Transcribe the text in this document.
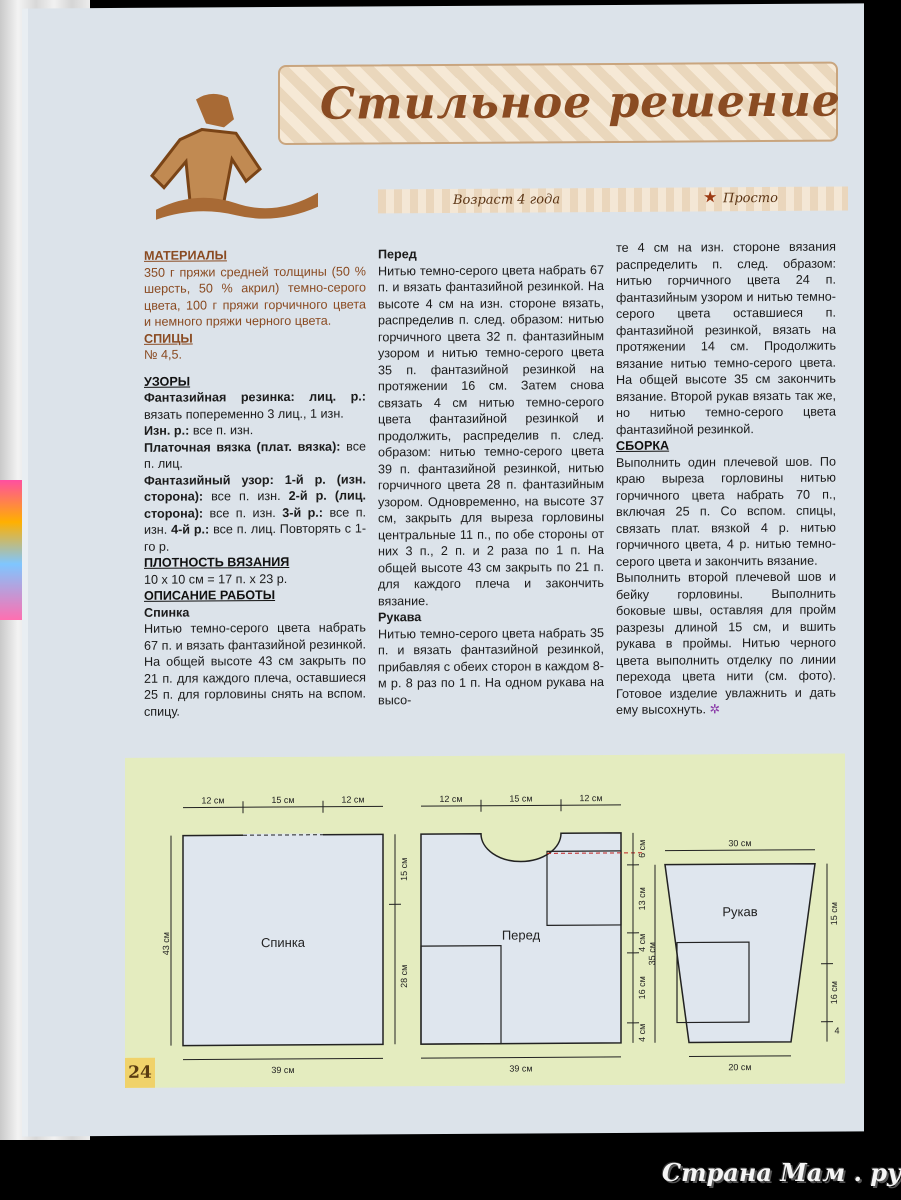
Стильное решение
Возраст 4 года	★ Просто
МАТЕРИАЛЫ
350 г пряжи средней толщины (50 % шерсть, 50 % акрил) темно-серого цвета, 100 г пряжи горчичного цвета и немного пряжи черного цвета.
СПИЦЫ
№ 4,5.
УЗОРЫ
Фантазийная резинка: лиц. р.: вязать попеременно 3 лиц., 1 изн.
Изн. р.: все п. изн.
Платочная вязка (плат. вязка): все п. лиц.
Фантазийный узор: 1-й р. (изн. сторона): все п. изн. 2-й р. (лиц. сторона): все п. изн. 3-й р.: все п. изн. 4-й р.: все п. лиц. Повторять с 1-го р.
ПЛОТНОСТЬ ВЯЗАНИЯ
10 х 10 см = 17 п. х 23 р.
ОПИСАНИЕ РАБОТЫ
Спинка
Нитью темно-серого цвета набрать 67 п. и вязать фантазийной резинкой. На общей высоте 43 см закрыть по 21 п. для каждого плеча, оставшиеся 25 п. для горловины снять на вспом. спицу.
Перед
Нитью темно-серого цвета набрать 67 п. и вязать фантазийной резинкой. На высоте 4 см на изн. стороне вязать, распределив п. след. образом: нитью горчичного цвета 32 п. фантазийным узором и нитью темно-серого цвета 35 п. фантазийной резинкой на протяжении 16 см. Затем снова связать 4 см нитью темно-серого цвета фантазийной резинкой и продолжить, распределив п. след. образом: нитью темно-серого цвета 39 п. фантазийной резинкой, нитью горчичного цвета 28 п. фантазийным узором. Одновременно, на высоте 37 см, закрыть для выреза горловины центральные 11 п., по обе стороны от них 3 п., 2 п. и 2 раза по 1 п. На общей высоте 43 см закрыть по 21 п. для каждого плеча и закончить вязание.
Рукава
Нитью темно-серого цвета набрать 35 п. и вязать фантазийной резинкой, прибавляя с обеих сторон в каждом 8-м р. 8 раз по 1 п. На одном рукава на высо-
те 4 см на изн. стороне вязания распределить п. след. образом: нитью горчичного цвета 24 п. фантазийным узором и нитью темно-серого цвета оставшиеся п. фантазийной резинкой, вязать на протяжении 14 см. Продолжить вязание нитью темно-серого цвета. На общей высоте 35 см закончить вязание. Второй рукав вязать так же, но нитью темно-серого цвета фантазийной резинкой.
СБОРКА
Выполнить один плечевой шов. По краю выреза горловины нитью горчичного цвета набрать 70 п., включая 25 п. Со вспом. спицы, связать плат. вязкой 4 р. нитью горчичного цвета, 4 р. нитью темно-серого цвета и закончить вязание.
Выполнить второй плечевой шов и бейку горловины. Выполнить боковые швы, оставляя для пройм разрезы длиной 15 см, и вшить рукава в проймы. Нитью черного цвета выполнить отделку по линии перехода цвета нити (см. фото). Готовое изделие увлажнить и дать ему высохнуть. ✲
Спинка
12 см	15 см	12 см
43 см
15 см
28 см
39 см
Перед
12 см	15 см	12 см
39 см
6 см
13 см
4 см
16 см
4 см
Рукав
30 см
35 см
15 см
16 см
4
20 см
24
Страна Мам . ру
